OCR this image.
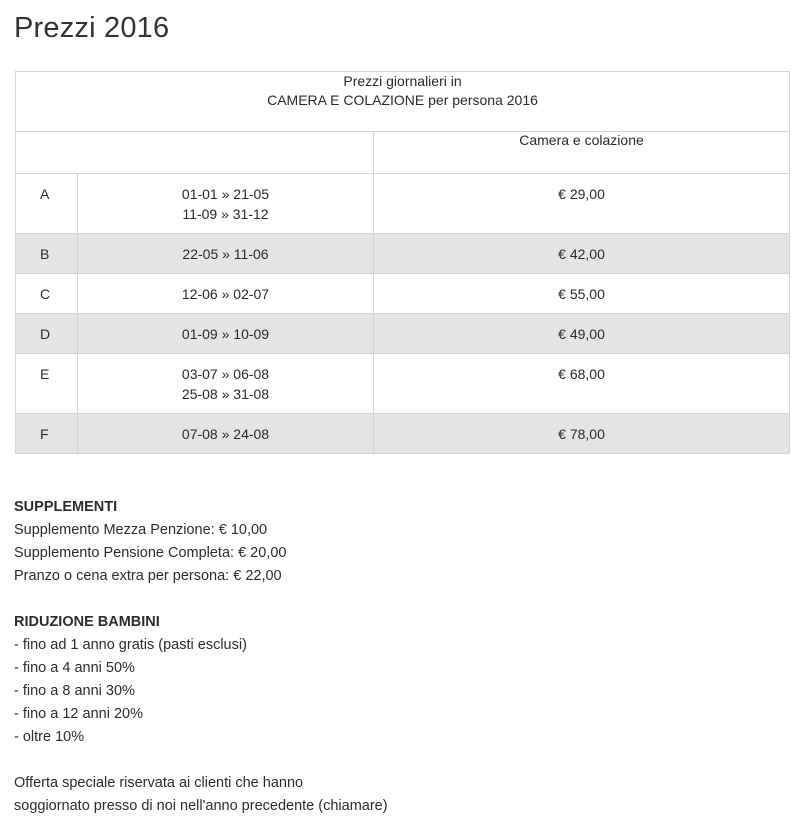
Prezzi 2016
Prezzi giornalieri in
CAMERA E COLAZIONE per persona 2016		

		Camera e colazione

A	01-01 » 21-05
11-09 » 31-12	€ 29,00

B	22-05 » 11-06	€ 42,00

C	12-06 » 02-07	€ 55,00

D	01-09 » 10-09	€ 49,00

E	03-07 » 06-08
25-08 » 31-08	€ 68,00

F	07-08 » 24-08	€ 78,00
SUPPLEMENTI
Supplemento Mezza Penzione: € 10,00
Supplemento Pensione Completa: € 20,00
Pranzo o cena extra per persona: € 22,00
RIDUZIONE BAMBINI
- fino ad 1 anno gratis (pasti esclusi)
- fino a 4 anni 50%
- fino a 8 anni 30%
- fino a 12 anni 20%
- oltre 10%
Offerta speciale riservata ai clienti che hanno
soggiornato presso di noi nell'anno precedente (chiamare)
